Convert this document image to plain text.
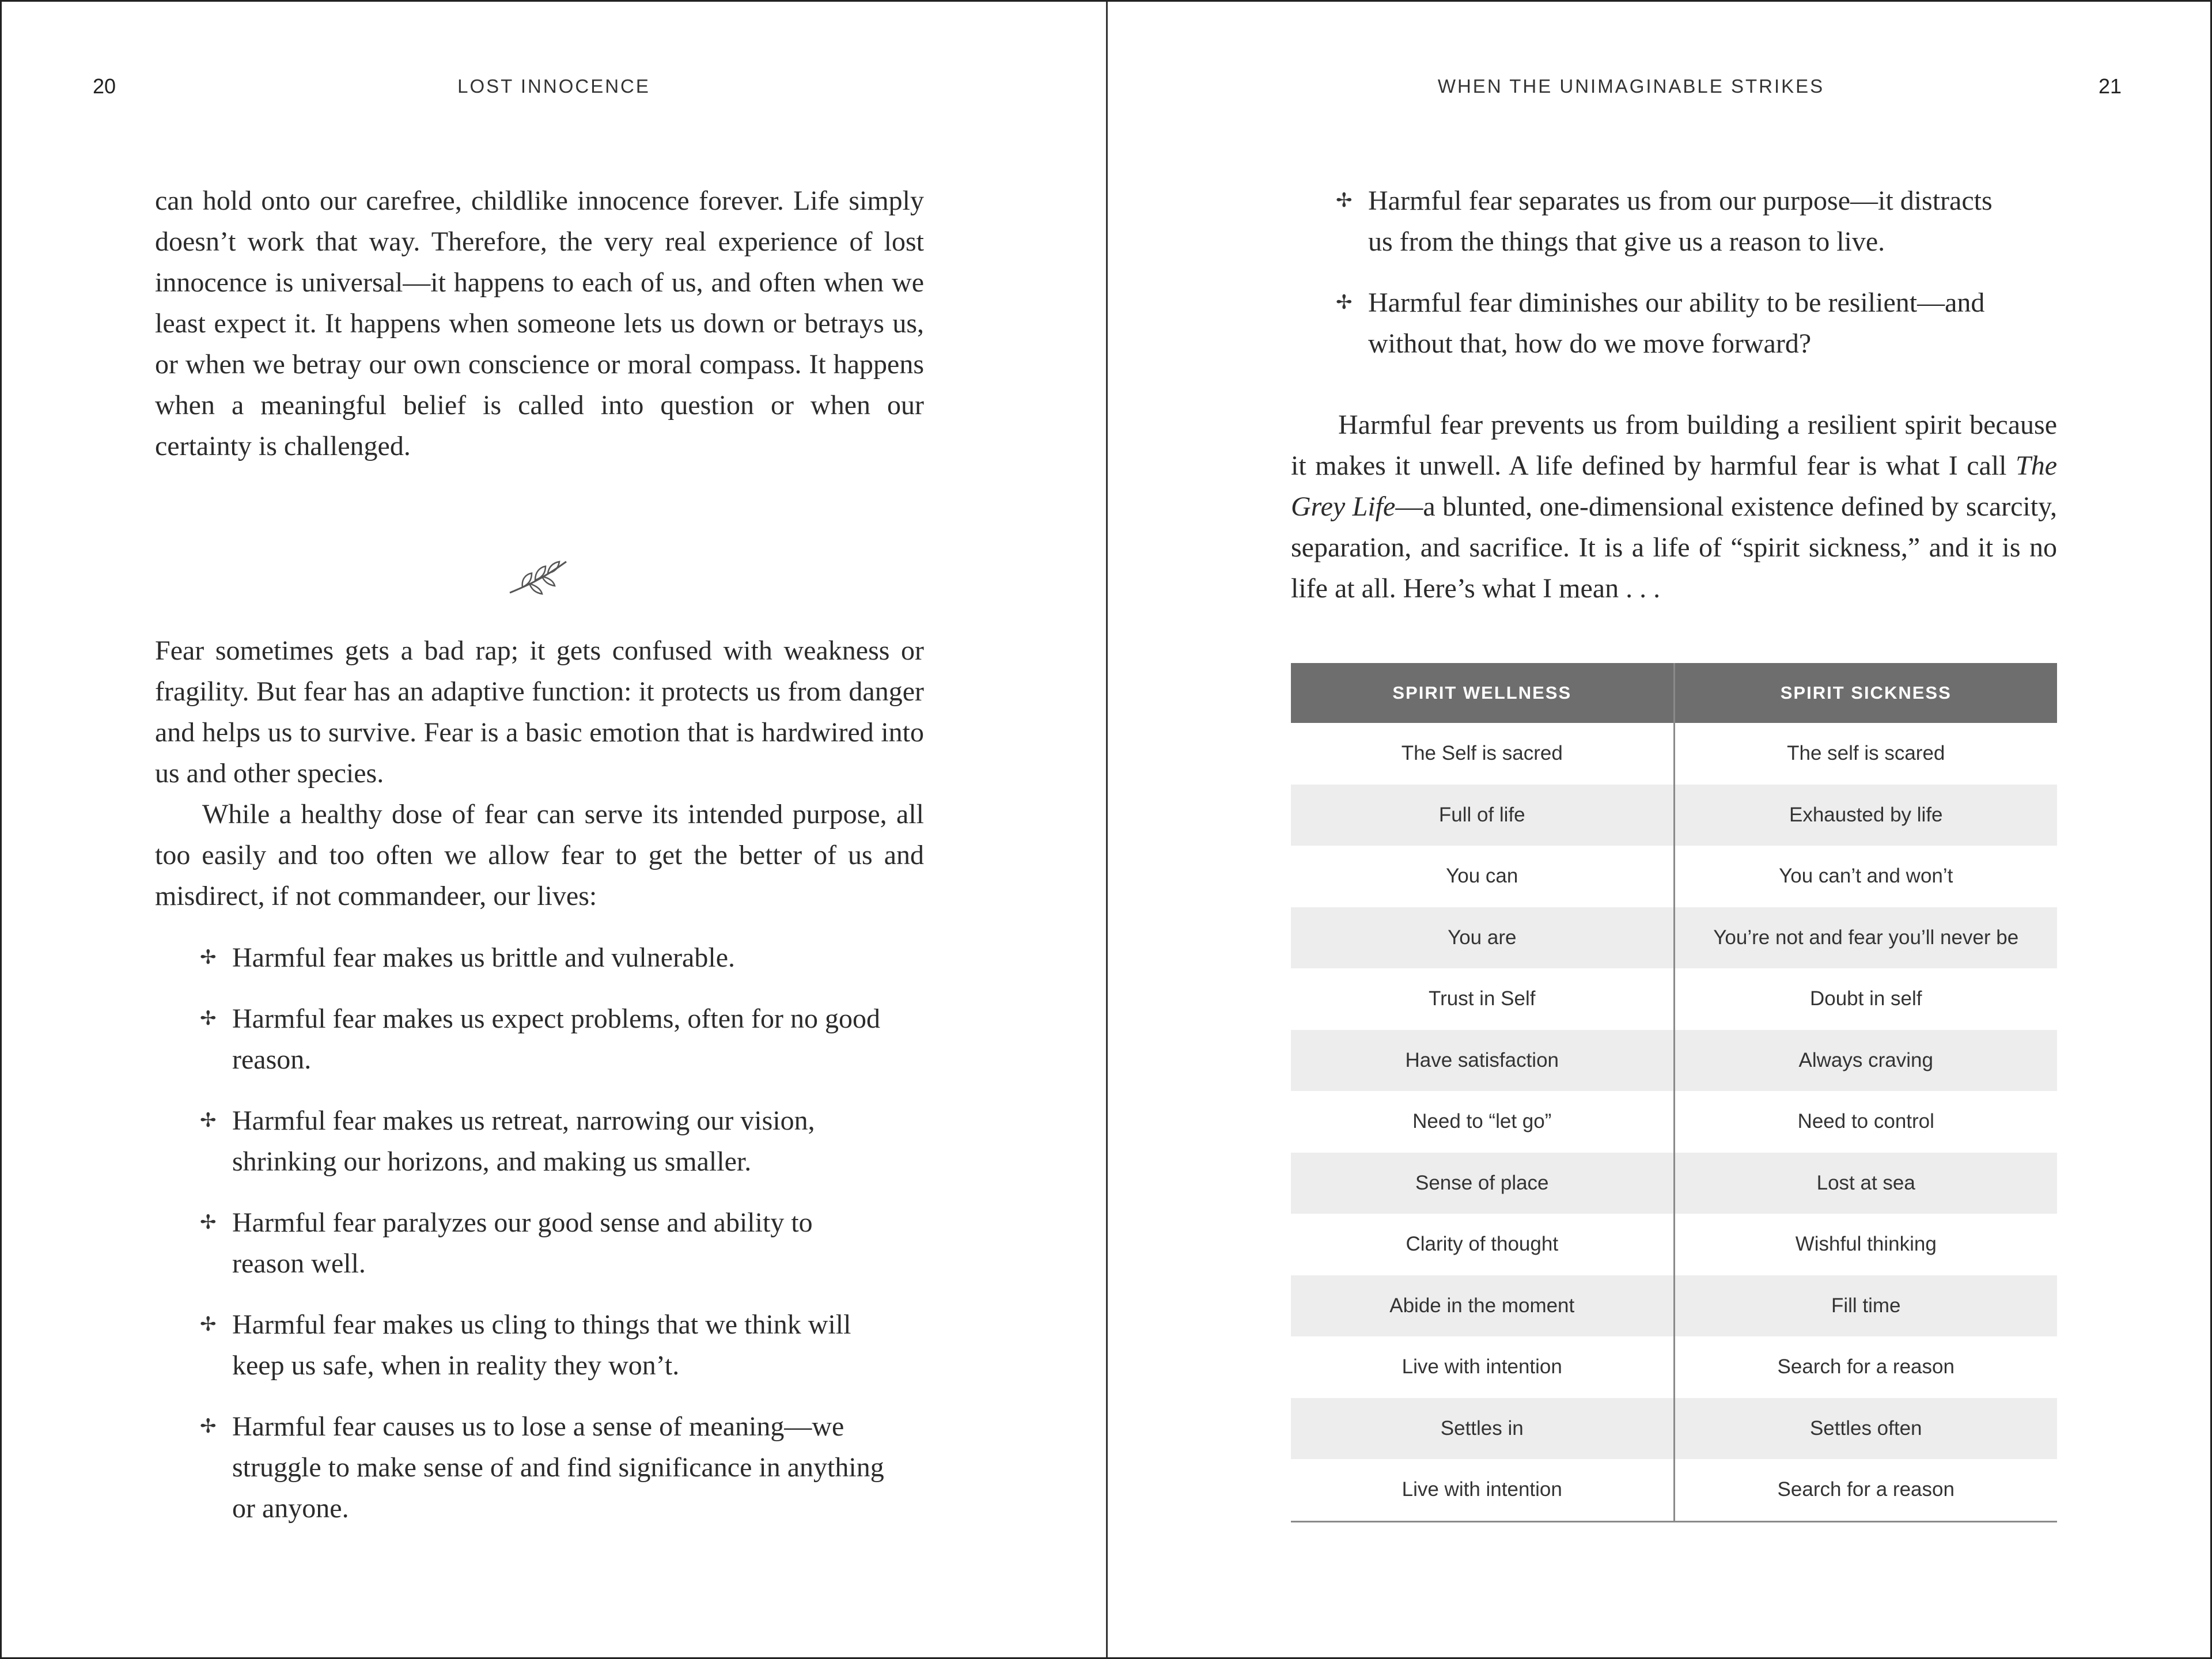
20	LOST INNOCENCE

can hold onto our carefree, childlike innocence forever. Life simply doesn’t work that way. Therefore, the very real experience of lost innocence is universal—it happens to each of us, and often when we least expect it. It happens when someone lets us down or betrays us, or when we betray our own conscience or moral compass. It happens when a meaningful belief is called into question or when our certainty is challenged.

Fear sometimes gets a bad rap; it gets confused with weakness or fragility. But fear has an adaptive function: it protects us from danger and helps us to survive. Fear is a basic emotion that is hardwired into us and other species.

While a healthy dose of fear can serve its intended purpose, all too easily and too often we allow fear to get the better of us and misdirect, if not commandeer, our lives:

✢ Harmful fear makes us brittle and vulnerable.
✢ Harmful fear makes us expect problems, often for no good reason.
✢ Harmful fear makes us retreat, narrowing our vision, shrinking our horizons, and making us smaller.
✢ Harmful fear paralyzes our good sense and ability to reason well.
✢ Harmful fear makes us cling to things that we think will keep us safe, when in reality they won’t.
✢ Harmful fear causes us to lose a sense of meaning—we struggle to make sense of and find significance in anything or anyone.
WHEN THE UNIMAGINABLE STRIKES	21
✢ Harmful fear separates us from our purpose—it distracts us from the things that give us a reason to live.
✢ Harmful fear diminishes our ability to be resilient—and without that, how do we move forward?

Harmful fear prevents us from building a resilient spirit because it makes it unwell. A life defined by harmful fear is what I call The Grey Life—a blunted, one-dimensional existence defined by scarcity, separation, and sacrifice. It is a life of “spirit sickness,” and it is no life at all. Here’s what I mean . . .

SPIRIT WELLNESS	SPIRIT SICKNESS
The Self is sacred	The self is scared
Full of life	Exhausted by life
You can	You can’t and won’t
You are	You’re not and fear you’ll never be
Trust in Self	Doubt in self
Have satisfaction	Always craving
Need to “let go”	Need to control
Sense of place	Lost at sea
Clarity of thought	Wishful thinking
Abide in the moment	Fill time
Live with intention	Search for a reason
Settles in	Settles often
Live with intention	Search for a reason
